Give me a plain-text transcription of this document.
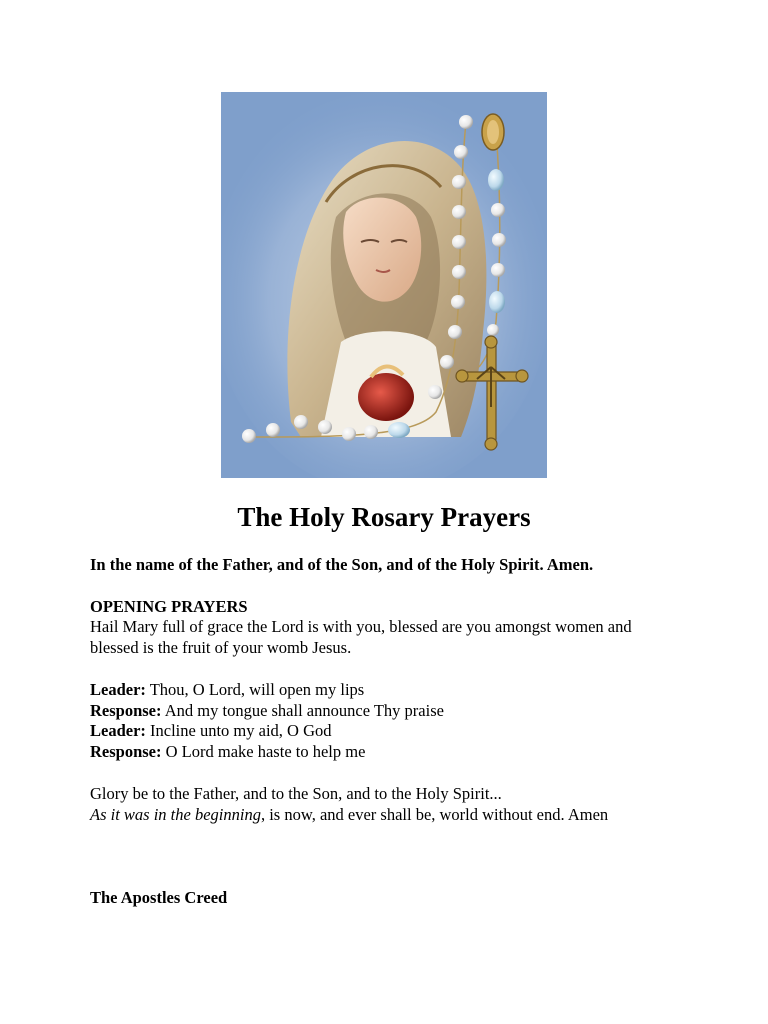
The Holy Rosary Prayers
In the name of the Father, and of the Son, and of the Holy Spirit. Amen.
OPENING PRAYERS
Hail Mary full of grace the Lord is with you, blessed are you amongst women and
blessed is the fruit of your womb Jesus.
Leader: Thou, O Lord, will open my lips
Response: And my tongue shall announce Thy praise
Leader: Incline unto my aid, O God
Response: O Lord make haste to help me
Glory be to the Father, and to the Son, and to the Holy Spirit...
As it was in the beginning, is now, and ever shall be, world without end. Amen
The Apostles Creed
